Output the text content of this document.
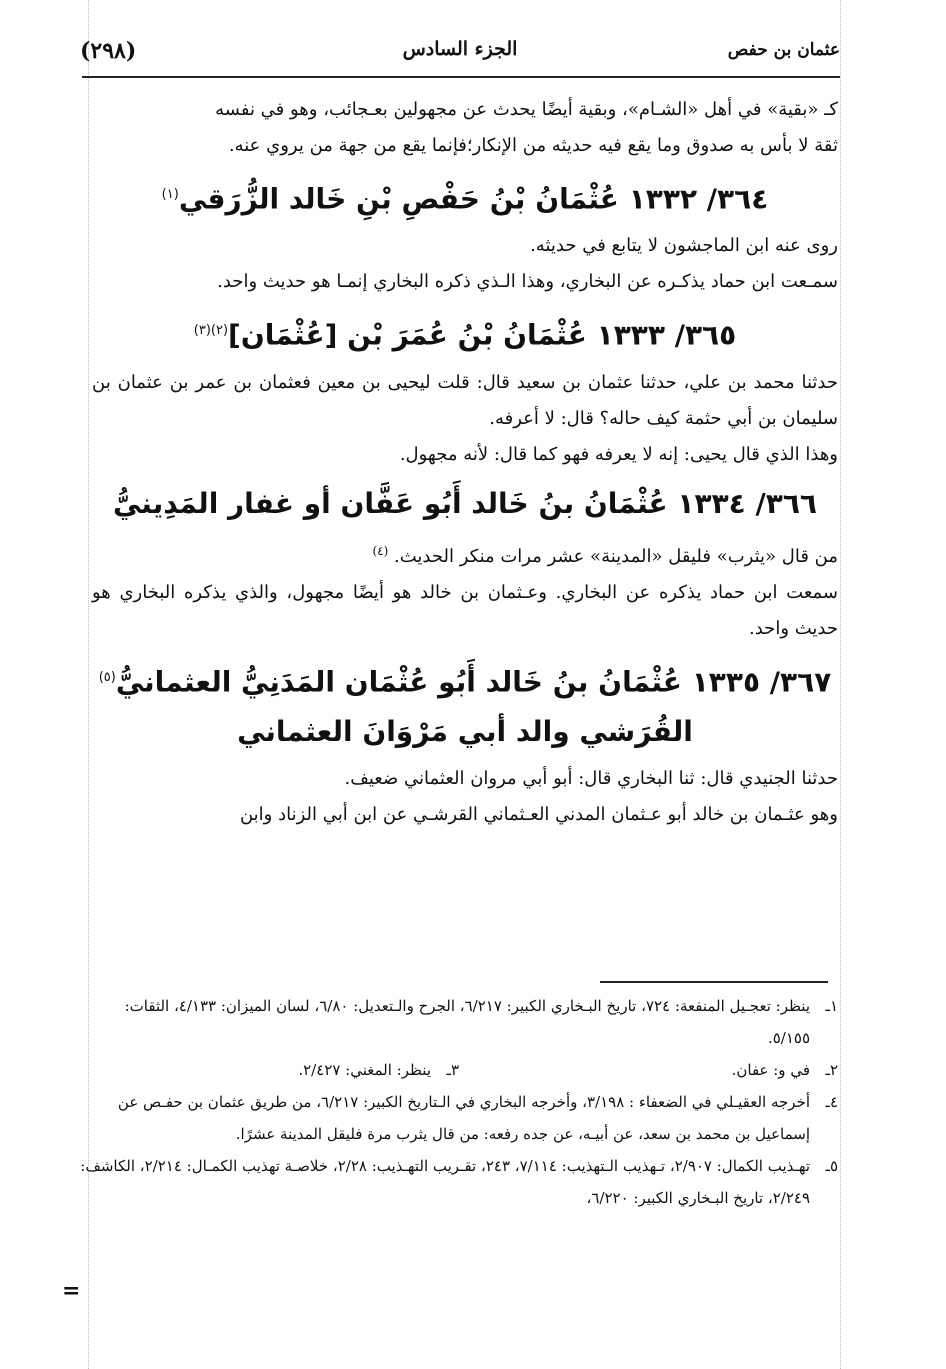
(٢٩٨)	الجزء السادس	عثمان بن حفص

كـ «بقية» في أهل «الشـام»، وبقية أيضًا يحدث عن مجهولين بعـجائب، وهو في نفسه

ثقة لا بأس به صدوق وما يقع فيه حديثه من الإنكار؛فإنما يقع من جهة من يروي عنه.

٣٦٤/ ١٣٣٢ عُثْمَانُ بْنُ حَفْصِ بْنِ خَالد الزُّرَقي$^{(١)}$

روى عنه ابن الماجشون لا يتابع في حديثه.

سمـعت ابن حماد يذكـره عن البخاري، وهذا الـذي ذكره البخاري إنمـا هو حديث واحد.

٣٦٥/ ١٣٣٣ عُثْمَانُ بْنُ عُمَرَ بْن [عُثْمَان]$^{(٢)(٣)}$

حدثنا محمد بن علي، حدثنا عثمان بن سعيد قال: قلت ليحيى بن معين فعثمان بن عمر بن عثمان بن سليمان بن أبي حثمة كيف حاله؟ قال: لا أعرفه.

وهذا الذي قال يحيى: إنه لا يعرفه فهو كما قال: لأنه مجهول.

٣٦٦/ ١٣٣٤ عُثْمَانُ بنُ خَالد أَبُو عَفَّان أو غفار المَدِينيُّ

من قال «يثرب» فليقل «المدينة» عشر مرات منكر الحديث. $^{(٤)}$

سمعت ابن حماد يذكره عن البخاري. وعـثمان بن خالد هو أيضًا مجهول، والذي يذكره البخاري هو حديث واحد.

٣٦٧/ ١٣٣٥ عُثْمَانُ بنُ خَالد أَبُو عُثْمَان المَدَنِيُّ العثمانيُّ$^{(٥)}$
القُرَشي والد أبي مَرْوَانَ العثماني

حدثنا الجنيدي قال: ثنا البخاري قال: أبو أبي مروان العثماني ضعيف.

وهو عثـمان بن خالد أبو عـثمان المدني العـثماني القرشـي عن ابن أبي الزناد وابن

١ـ
ينظر: تعجـيل المنفعة: ٧٢٤، تاريخ البـخاري الكبير: ٦/٢١٧، الجرح والـتعديل: ٦/٨٠، لسان الميزان: ٤/١٣٣، الثقات: ٥/١٥٥.

٢ـ
في و: عفان.
٣ـ
ينظر: المغني: ٢/٤٢٧.

٤ـ
أخرجه العقيـلي في الضعفاء : ٣/١٩٨، وأخرجه البخاري في الـتاريخ الكبير: ٦/٢١٧، من طريق عثمان بن حفـص عن إسماعيل بن محمد بن سعد، عن أبيـه، عن جده رفعه: من قال يثرب مرة فليقل المدينة عشرًا.

٥ـ
تهـذيب الكمال: ٢/٩٠٧، تـهذيب الـتهذيب: ٧/١١٤، ٢٤٣، تقـريب التهـذيب: ٢/٢٨، خلاصـة تهذيب الكمـال: ٢/٢١٤، الكاشف: ٢/٢٤٩، تاريخ البـخاري الكبير: ٦/٢٢٠،

=
